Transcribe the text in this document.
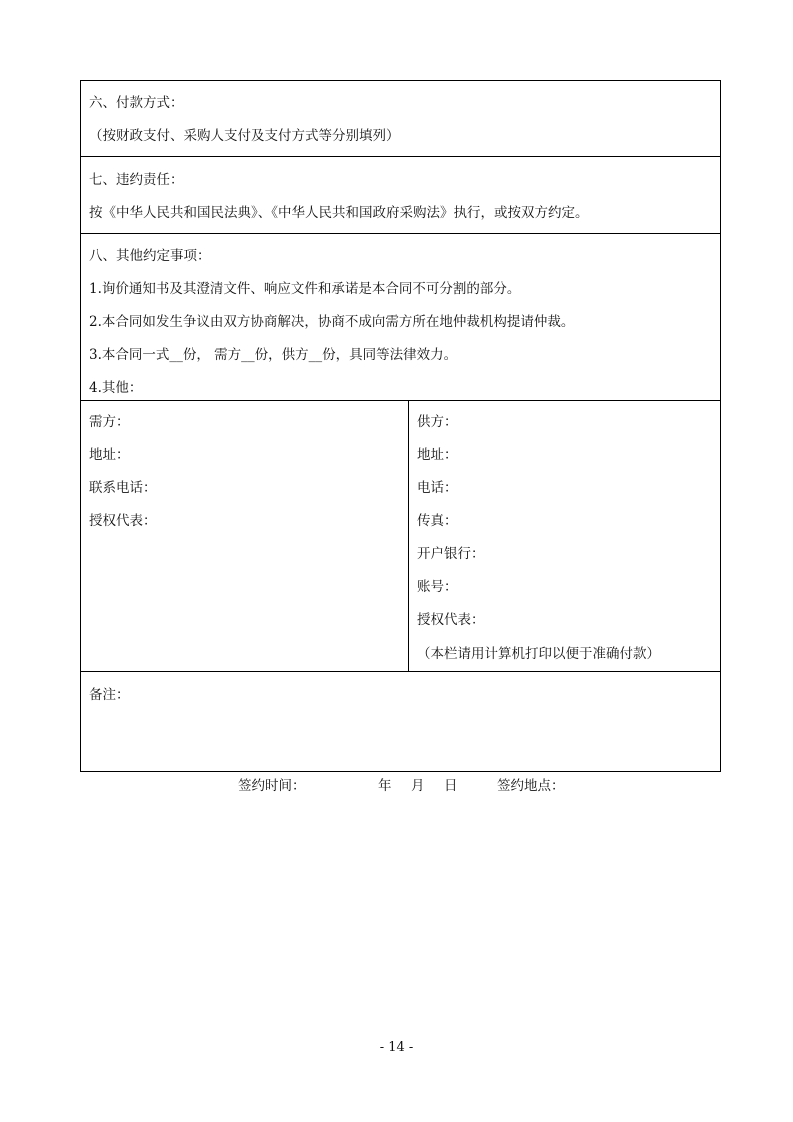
六、付款方式：
（按财政支付、采购人支付及支付方式等分别填列）
七、违约责任：
按《中华人民共和国民法典》、《中华人民共和国政府采购法》执行，或按双方约定。
八、其他约定事项：
1.询价通知书及其澄清文件、响应文件和承诺是本合同不可分割的部分。
2.本合同如发生争议由双方协商解决，协商不成向需方所在地仲裁机构提请仲裁。
3.本合同一式__份， 需方__份，供方__份，具同等法律效力。
4.其他：
需方：
地址：
联系电话：
授权代表：
供方：
地址：
电话：
传真：
开户银行：
账号：
授权代表：
（本栏请用计算机打印以便于准确付款）
备注：
签约时间：	年 月 日	签约地点：
- 14 -
